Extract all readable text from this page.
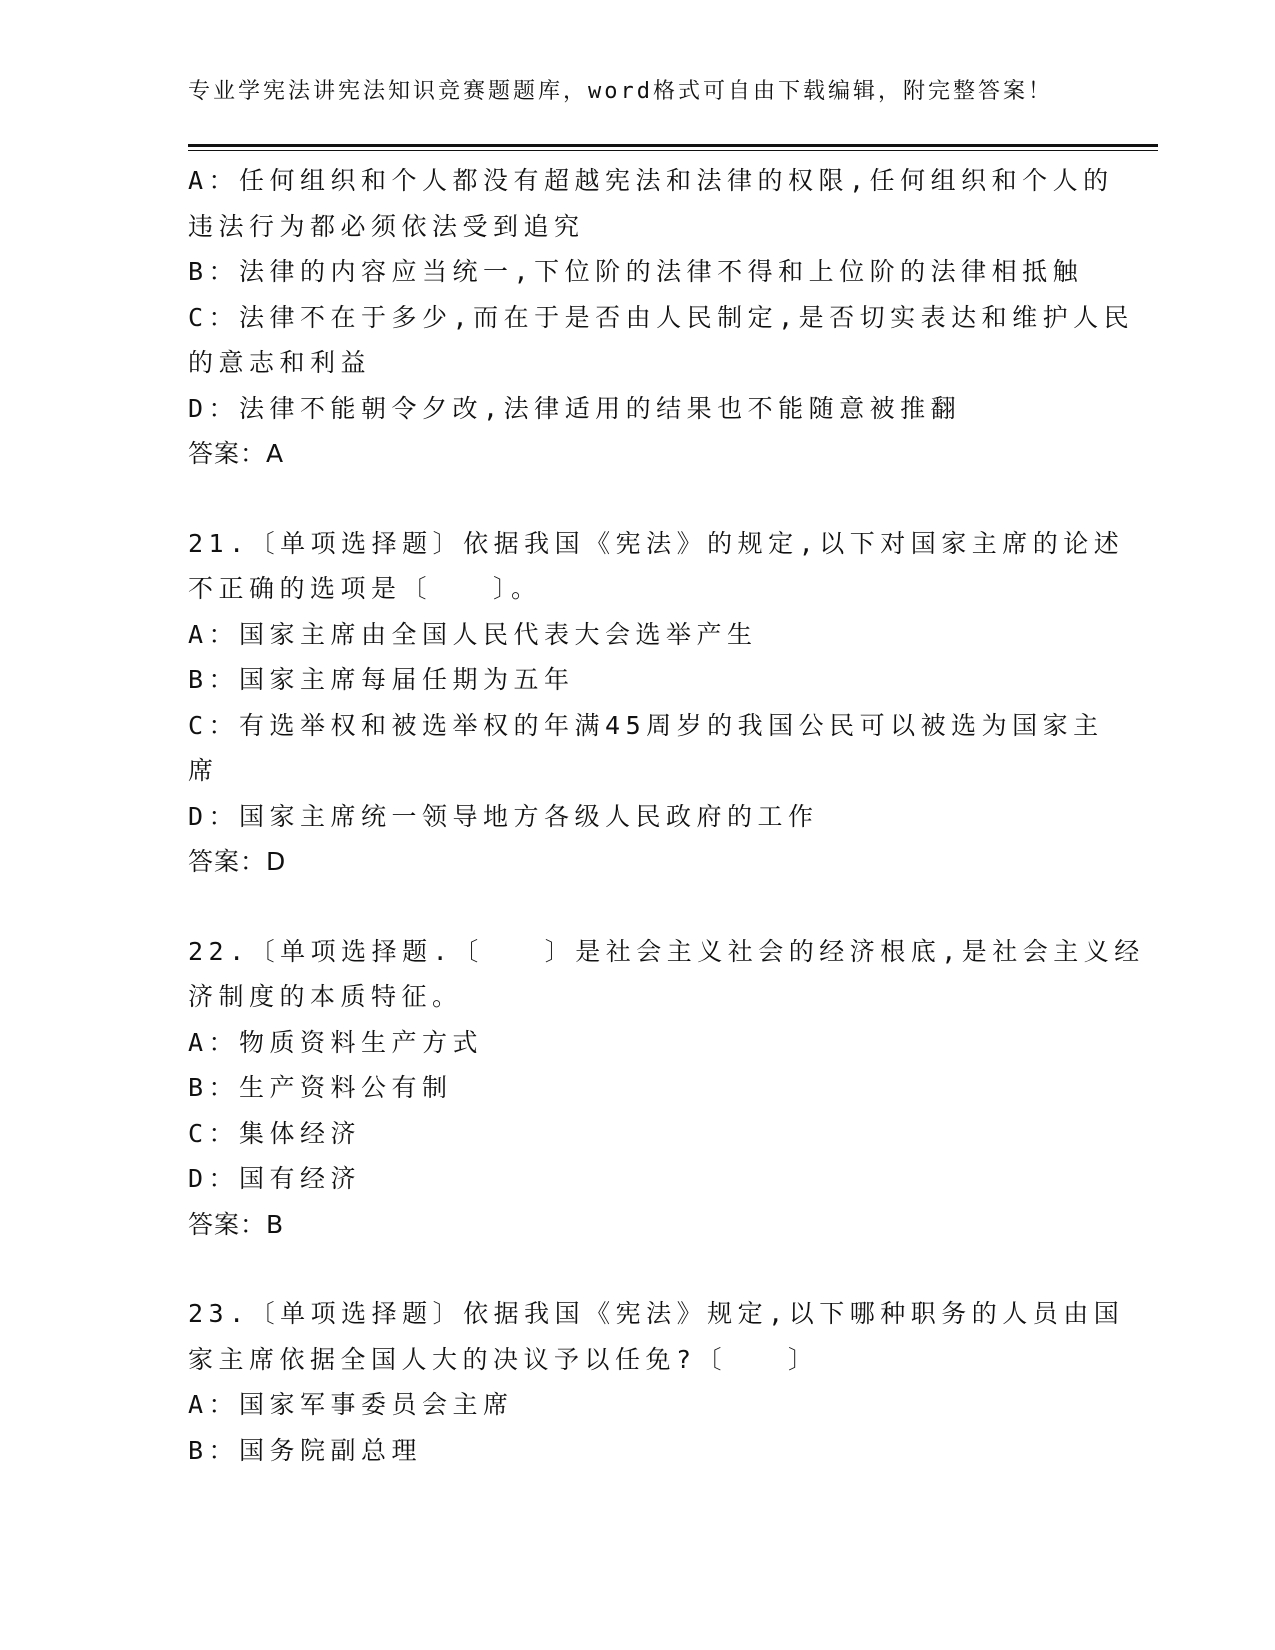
专业学宪法讲宪法知识竞赛题题库，word格式可自由下载编辑，附完整答案！
A：任何组织和个人都没有超越宪法和法律的权限,任何组织和个人的
违法行为都必须依法受到追究
B：法律的内容应当统一,下位阶的法律不得和上位阶的法律相抵触
C：法律不在于多少,而在于是否由人民制定,是否切实表达和维护人民
的意志和利益
D：法律不能朝令夕改,法律适用的结果也不能随意被推翻
答案：A
21.〔单项选择题〕依据我国《宪法》的规定,以下对国家主席的论述
不正确的选项是〔　　〕。
A：国家主席由全国人民代表大会选举产生
B：国家主席每届任期为五年
C：有选举权和被选举权的年满45周岁的我国公民可以被选为国家主
席
D：国家主席统一领导地方各级人民政府的工作
答案：D
22.〔单项选择题.〔　　〕是社会主义社会的经济根底,是社会主义经
济制度的本质特征。
A：物质资料生产方式
B：生产资料公有制
C：集体经济
D：国有经济
答案：B
23.〔单项选择题〕依据我国《宪法》规定,以下哪种职务的人员由国
家主席依据全国人大的决议予以任免?〔　　〕
A：国家军事委员会主席
B：国务院副总理
